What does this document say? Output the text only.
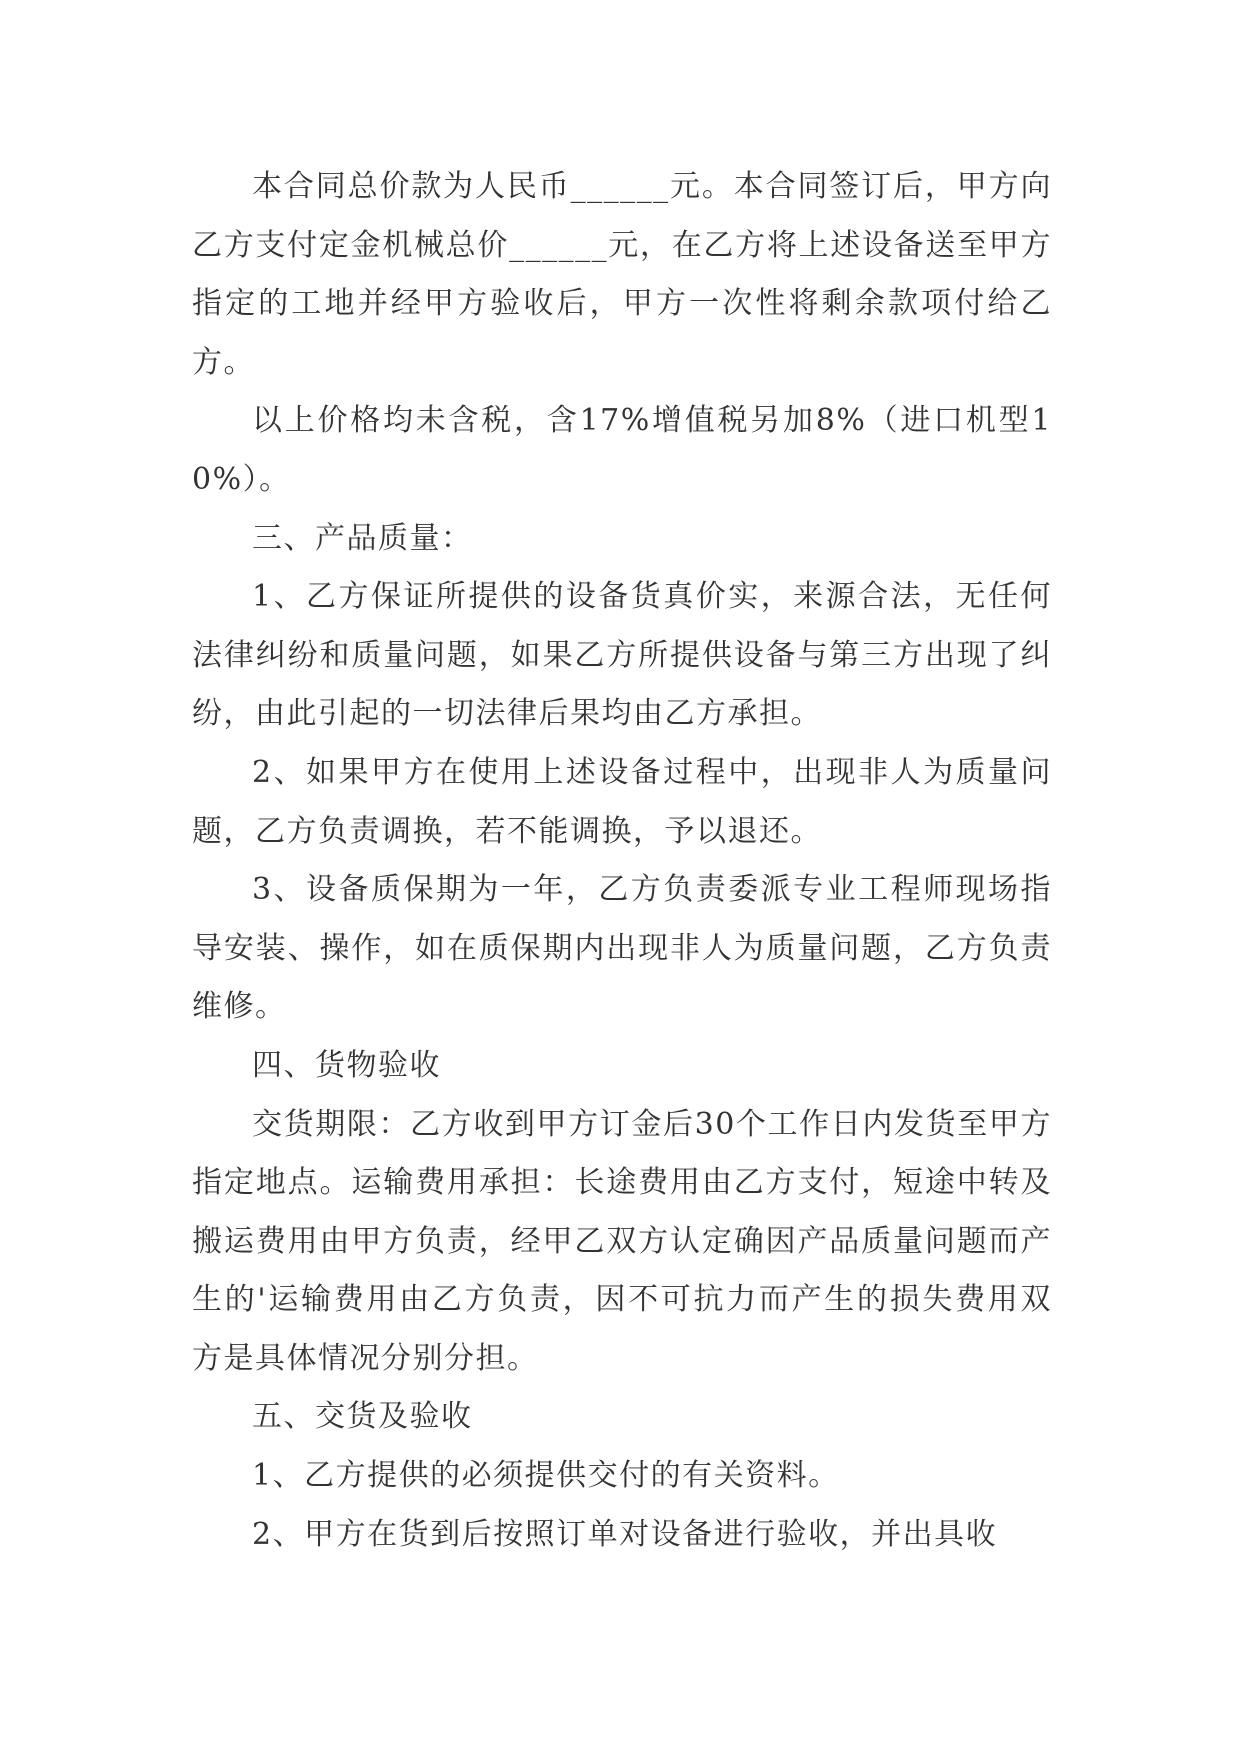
本合同总价款为人民币______元。本合同签订后，甲方向乙方支付定金机械总价______元，在乙方将上述设备送至甲方指定的工地并经甲方验收后，甲方一次性将剩余款项付给乙方。

以上价格均未含税，含17%增值税另加8%（进口机型10%）。

三、产品质量：

1、乙方保证所提供的设备货真价实，来源合法，无任何法律纠纷和质量问题，如果乙方所提供设备与第三方出现了纠纷，由此引起的一切法律后果均由乙方承担。

2、如果甲方在使用上述设备过程中，出现非人为质量问题，乙方负责调换，若不能调换，予以退还。

3、设备质保期为一年，乙方负责委派专业工程师现场指导安装、操作，如在质保期内出现非人为质量问题，乙方负责维修。

四、货物验收

交货期限：乙方收到甲方订金后30个工作日内发货至甲方指定地点。运输费用承担：长途费用由乙方支付，短途中转及搬运费用由甲方负责，经甲乙双方认定确因产品质量问题而产生的'运输费用由乙方负责，因不可抗力而产生的损失费用双方是具体情况分别分担。

五、交货及验收

1、乙方提供的必须提供交付的有关资料。

2、甲方在货到后按照订单对设备进行验收，并出具收
